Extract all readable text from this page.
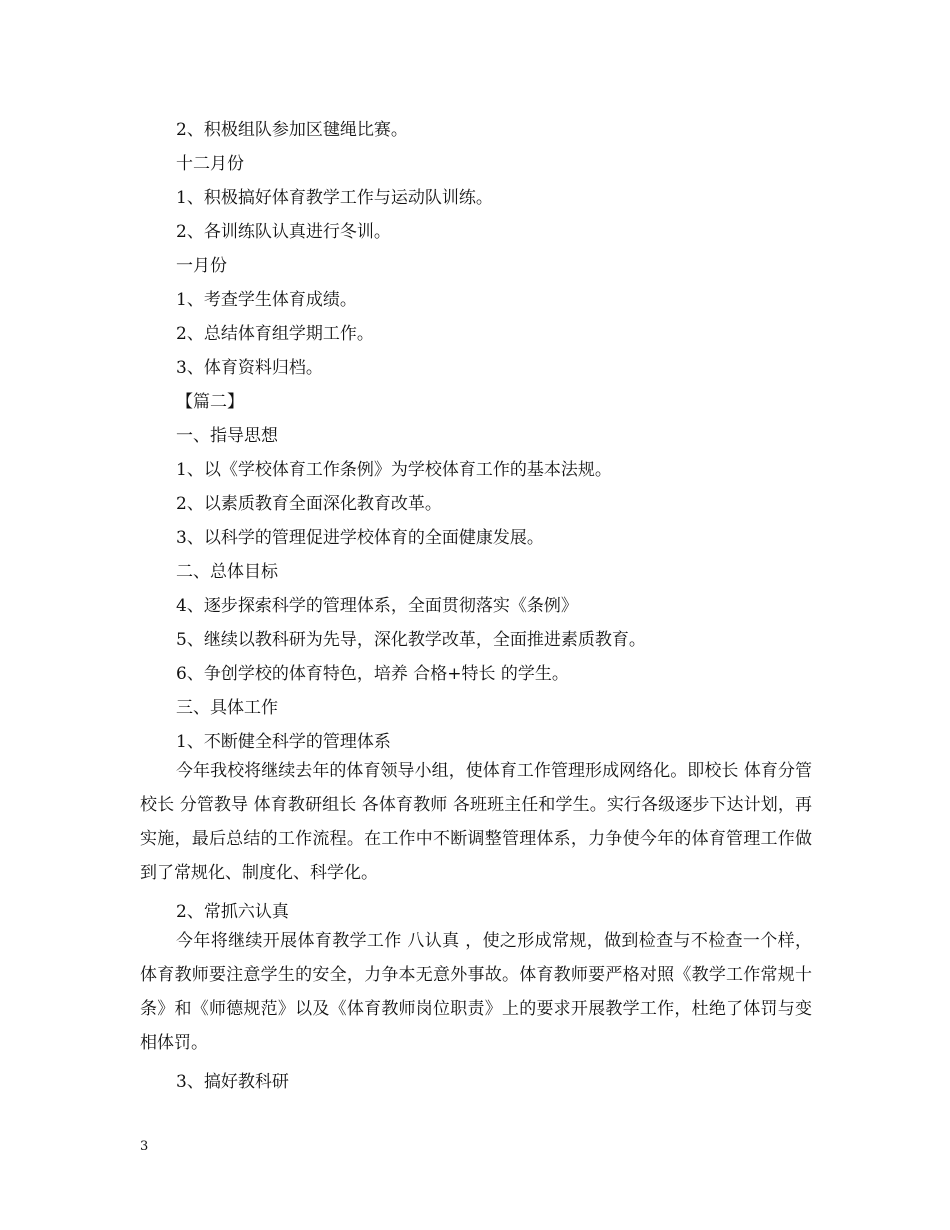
2、积极组队参加区毽绳比赛。
十二月份
1、积极搞好体育教学工作与运动队训练。
2、各训练队认真进行冬训。
一月份
1、考查学生体育成绩。
2、总结体育组学期工作。
3、体育资料归档。
【篇二】
一、指导思想
1、以《学校体育工作条例》为学校体育工作的基本法规。
2、以素质教育全面深化教育改革。
3、以科学的管理促进学校体育的全面健康发展。
二、总体目标
4、逐步探索科学的管理体系，全面贯彻落实《条例》
5、继续以教科研为先导，深化教学改革，全面推进素质教育。
6、争创学校的体育特色，培养 合格+特长 的学生。
三、具体工作
1、不断健全科学的管理体系
今年我校将继续去年的体育领导小组，使体育工作管理形成网络化。即校长 体育分管校长 分管教导 体育教研组长 各体育教师 各班班主任和学生。实行各级逐步下达计划，再实施，最后总结的工作流程。在工作中不断调整管理体系，力争使今年的体育管理工作做到了常规化、制度化、科学化。
2、常抓六认真
今年将继续开展体育教学工作 八认真 ，使之形成常规，做到检查与不检查一个样，体育教师要注意学生的安全，力争本无意外事故。体育教师要严格对照《教学工作常规十条》和《师德规范》以及《体育教师岗位职责》上的要求开展教学工作，杜绝了体罚与变相体罚。
3、搞好教科研
3
